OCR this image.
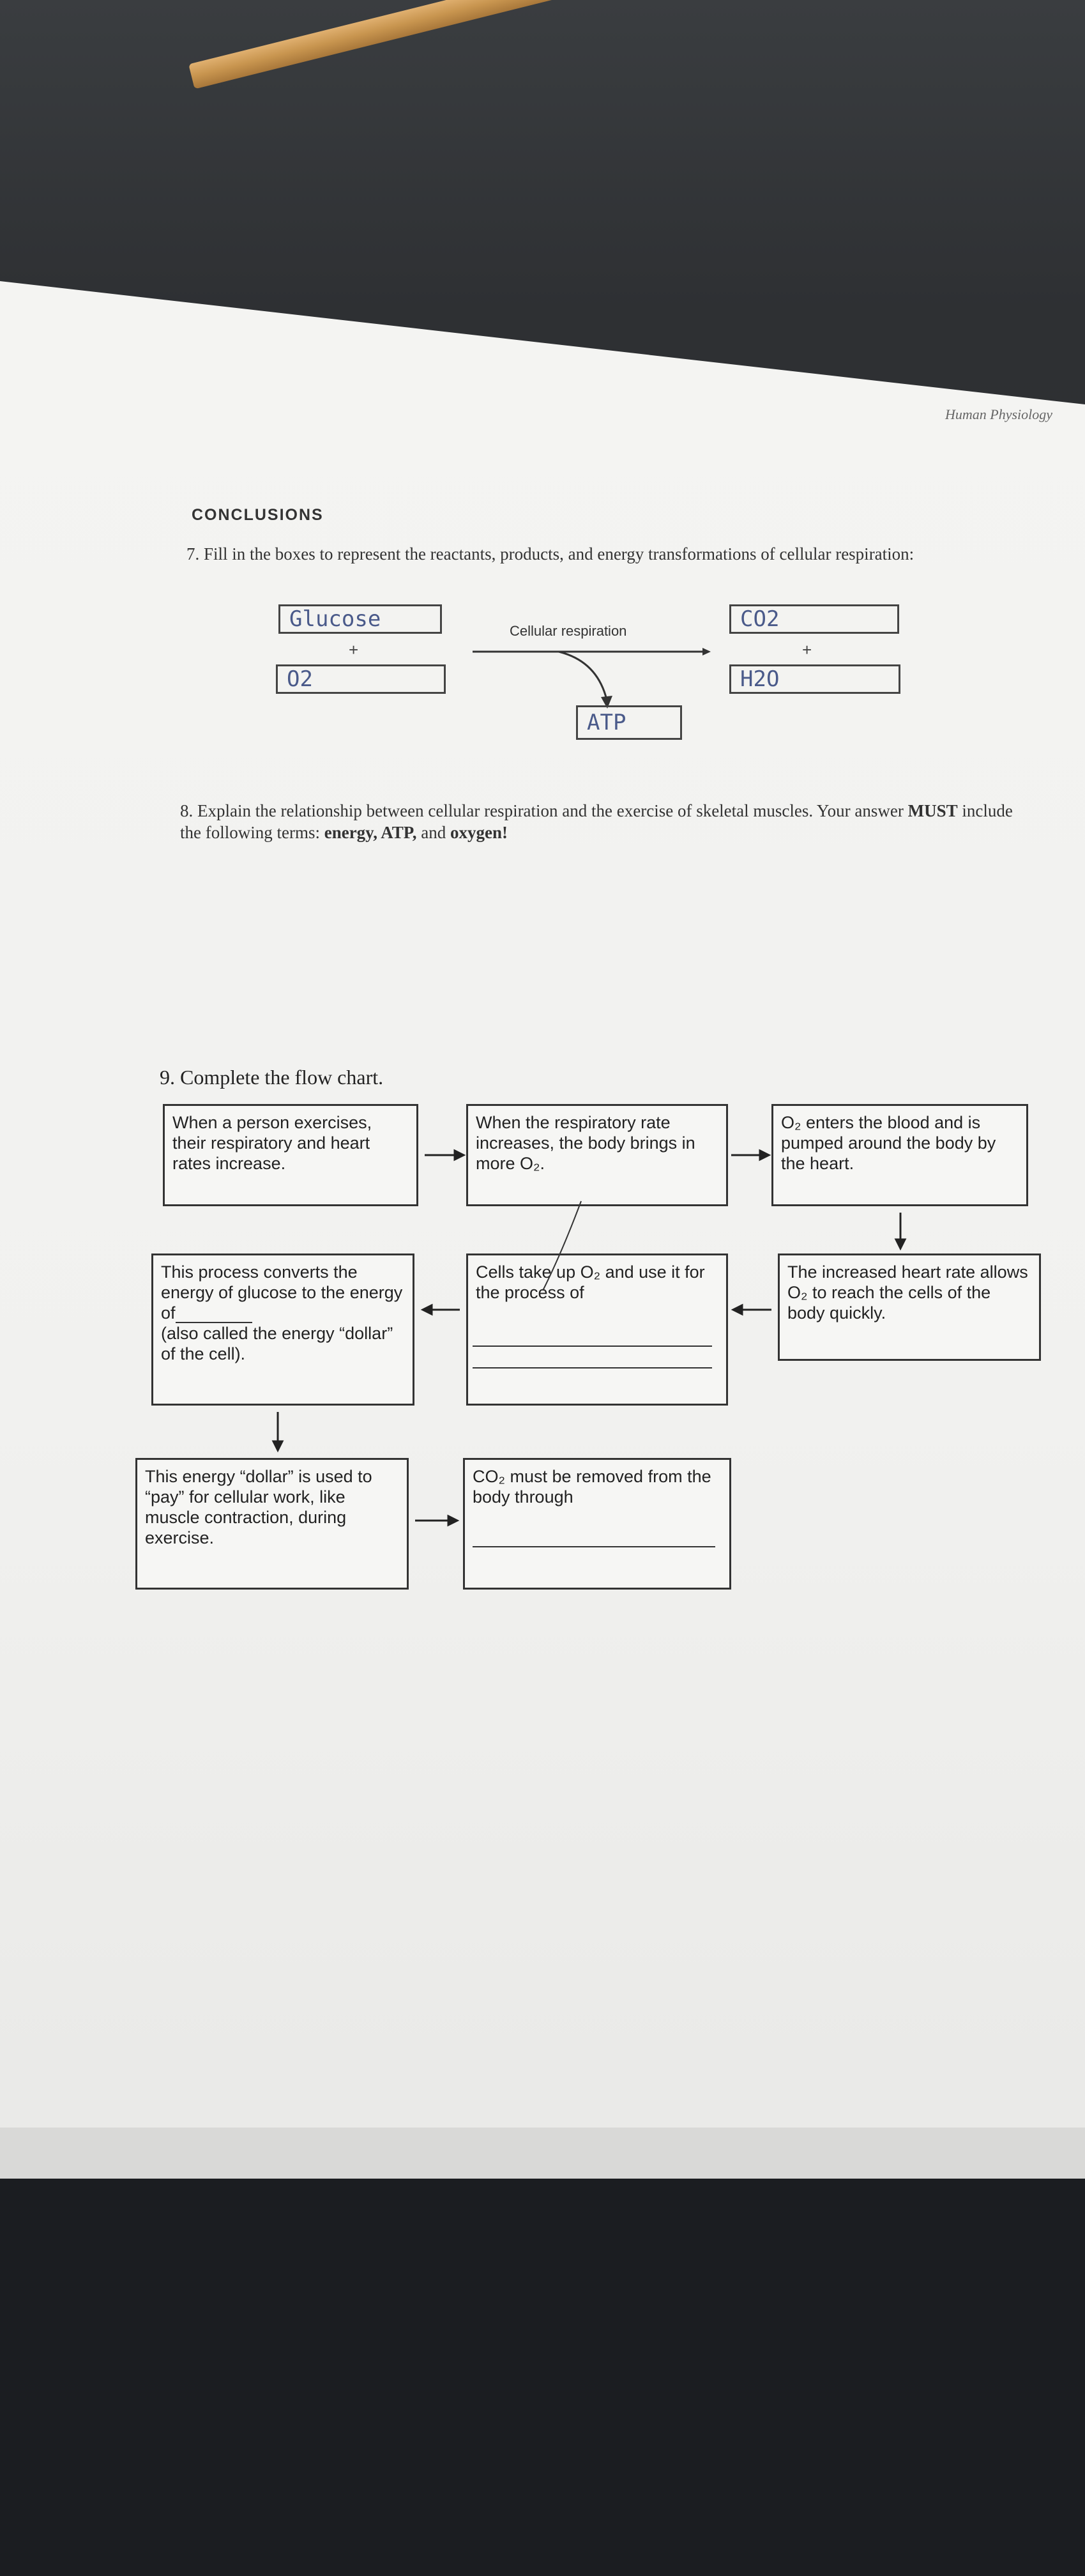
Human Physiology
CONCLUSIONS
7. Fill in the boxes to represent the reactants, products, and energy transformations of cellular respiration:
Glucose
+
O2
Cellular respiration
ATP
CO2
+
H2O
8. Explain the relationship between cellular respiration and the exercise of skeletal muscles. Your answer MUST include the following terms: energy, ATP, and oxygen!
9. Complete the flow chart.
When a person exercises, their respiratory and heart rates increase.
When the respiratory rate increases, the body brings in more O₂.
O₂ enters the blood and is pumped around the body by the heart.
The increased heart rate allows O₂ to reach the cells of the body quickly.
Cells take up O₂ and use it for the process of
This process converts the energy of glucose to the energy of
(also called the energy “dollar” of the cell).
This energy “dollar” is used to “pay” for cellular work, like muscle contraction, during exercise.
CO₂ must be removed from the body through
